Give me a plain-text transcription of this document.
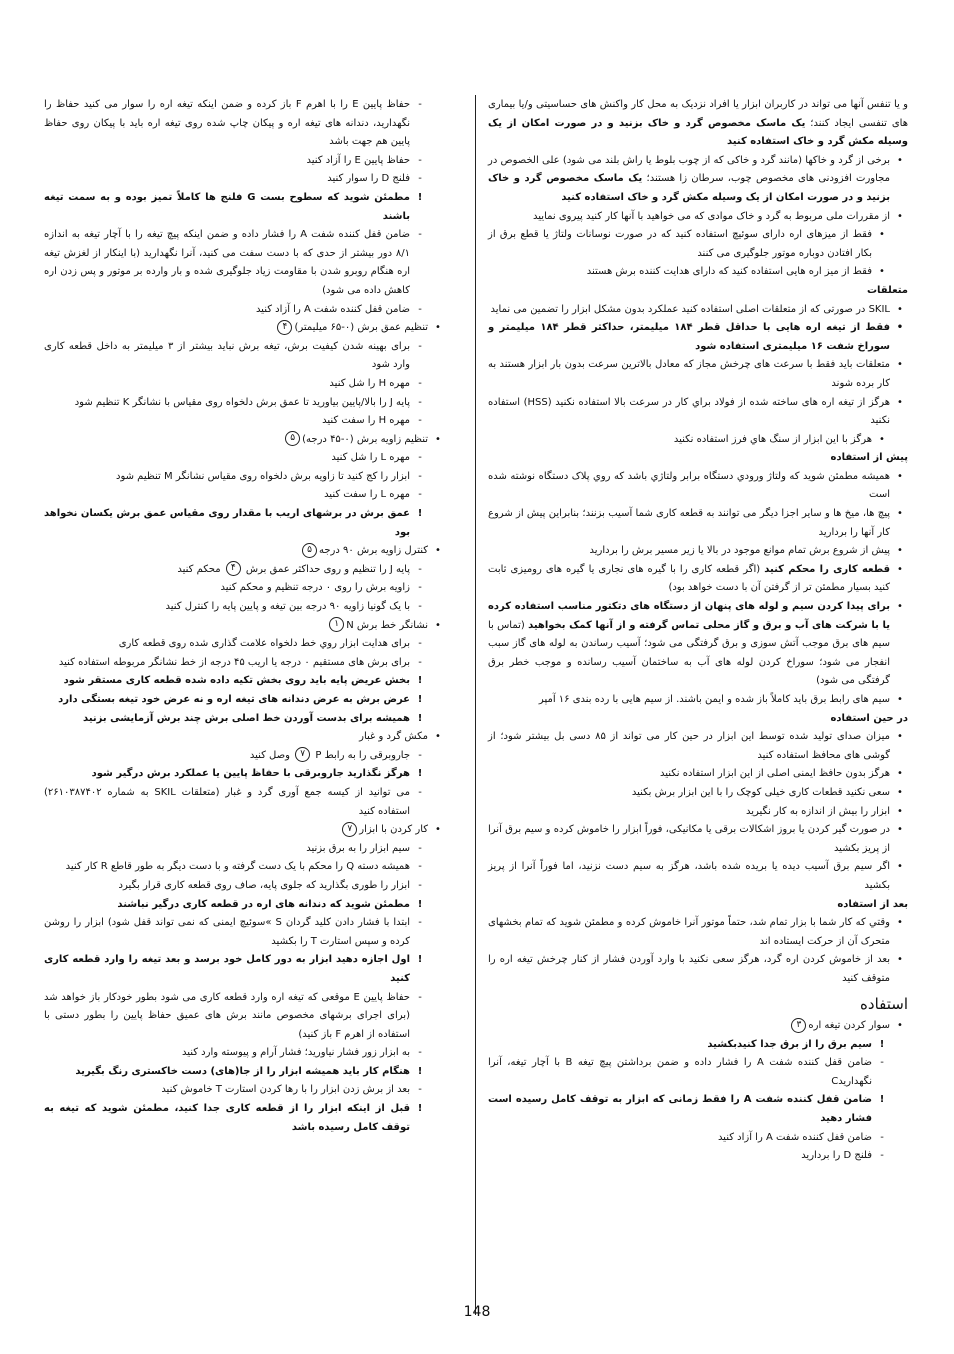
و یا تنفس آنها می تواند در کاربران ابزار یا افراد نزدیک به محل کار واکنش های حساسیتی و/یا بیماری های تنفسی ایجاد کنند؛ یک ماسک مخصوص گرد و خاک بزنید و در صورت امکان از یک وسیله مکش گرد و خاک استفاده کنید

•
برخی از گرد و خاکها (مانند گرد و خاکی که از چوب بلوط یا راش بلند می شود) علی الخصوص در مجاورت افزودنی های مخصوص چوب، سرطان زا هستند؛ یک ماسک مخصوص گرد و خاک بزنید و در صورت امکان از یک وسیله مکش گرد و خاک استفاده کنید

•
از مقررات ملی مربوط به گرد و خاک موادی که می خواهید با آنها کار کنید پیروی نمایید

•
فقط از میزهای اره دارای سوئیچ استفاده کنید که در صورت نوسانات ولتاژ یا قطع برق از بکار افتادن دوباره موتور جلوگیری می کنند

•
فقط از میز اره هایی استفاده کنید که دارای هدایت کننده برش هستند

متعلقات

•
SKIL در صورتی که از متعلقات اصلی استفاده کنید عملکرد بدون مشکل ابزار را تضمین می نماید

•
فقط از تیغه اره هایی با حداقل قطر ۱۸۴ میلیمتر، حداکثر قطر ۱۸۴ میلیمتر و سوراخ شفت ۱۶ میلیمتری استفاده شود

•
متعلقات باید فقط با سرعت های چرخش مجاز که معادل بالاترین سرعت بدون بار ابزار هستند به کار برده شوند

•
هرگز از تیغه اره های ساخته شده از فولاد براي کار در سرعت بالا استفاده نکنید (HSS) استفاده نکنید

•
هرگز با این ابزار از سنگ هاي فرز استفاده نکنید

پیش از استفاده

•
همیشه مطمئن شوید که ولتاژ ورودي دستگاه برابر ولتاژي باشد که روي پلاک دستگاه نوشته شده است

•
پیچ ها، میخ ها و سایر اجزا دیگر می توانند به قطعه کاری شما آسیب بزنند؛ بنابراین پیش از شروع کار آنها را بردارید

•
پیش از شروع برش تمام موانع موجود در بالا یا زیر مسیر برش را بردارید

•
قطعه کاری را محکم کنید (اگر قطعه کاری را با گیره های نجاری یا گیره های رومیزی ثابت کنید بسیار مطمئن تر از گرفتن آن با دست خواهد بود)

•
برای پیدا کردن سیم و لوله های پنهان از دستگاه های دتکتور مناسب استفاده کرده یا با شرکت های آب و برق و گاز محلی تماس گرفته و از آنها کمک بخواهید (تماس با سیم های برق موجب آتش سوزی و برق گرفتگی می شود؛ آسیب رساندن به لوله های گاز سبب انفجار می شود؛ سوراخ کردن لوله های آب به ساختمان آسیب رسانده و موجب خطر برق گرفتگی می شود)

•
سیم های رابط برق باید کاملاً باز شده و ایمن باشند. از سیم هایی با رده بندی ۱۶ آمپر

در حین استفاده

•
میزان صدای تولید شده توسط این ابزار در حین کار می تواند از ۸۵ دسی بل بیشتر شود؛ از گوشی های محافظ استفاده کنید

•
هرگز بدون حافظ ایمنی اصلی از این ابزار استفاده نکنید

•
سعی نکنید قطعات کاری خیلی کوچک را با این ابزار برش بکنید

•
ابزار را بیش از اندازه به کار نگیرید

•
در صورت گیر کردن یا بروز اشکالات برقی یا مکانیکی، فوراً ابزار را خاموش کرده و سیم برق آنرا از پریز بکشید

•
اگر سیم برق آسیب دیده یا بریده شده باشد، هرگز به سیم دست نزنید، اما فوراً آنرا از پریز بکشید

بعد از استفاده

•
وقتي که کار شما با بزار تمام شد، حتماً موتور آنرا خاموش کرده و مطمئن شوید که تمام بخشهای متحرک آن از حرکت ایستاده اند

•
بعد از خاموش کردن اره گرد، هرگز سعی نکنید با وارد آوردن فشار از کنار چرخش تیغه اره را متوقف کنید

استفاده

•
سوار کردن تیغه اره۳

!
سیم برق را از برق جدا کنیدبکشید

-
ضامن قفل کننده شفت A را فشار داده و ضمن برداشتن پیچ تیغه B با آچار تیغه، آنرا نگهداریدC

!
ضامن قفل کننده شفت A را فقط زمانی که ابزار به توقف کامل رسیده است فشار دهید

-
ضامن قفل کننده شفت A را آزاد کنید

-
فلنج D را بردارید

-
حفاظ پایین E را با اهرم F باز کرده و ضمن اینکه تیغه اره را سوار می کنید حفاظ را نگهدارید، دندانه های تیغه اره و پیکان چاپ شده روی تیغه اره باید با پیکان روی حفاظ پایین هم جهت باشد

-
حفاظ پایین E را آزاد کنید

-
فلنج D را سوار کنید

!
مطمئن شوید که سطوح بست G فلنج ها کاملاً تمیز بوده و به سمت تیغه باشند

-
ضامن قفل کننده شفت A را فشار داده و ضمن اینکه پیچ تیغه را با آچار تیغه به اندازه ۸/۱ دور بیشتر از حدی که با دست سفت می کنید، آنرا نگهدارید (با اینکار از لغزش تیغه اره هنگام روبرو شدن با مقاومت زیاد جلوگیری شده و بار وارده بر موتور و پس زدن اره کاهش داده می شود)

-
ضامن قفل کننده شفت A را آزاد کنید

•
تنظیم عمق برش (۰-۶۵ میلیمتر)۴

-
برای بهینه شدن کیفیت برش، تیغه برش نباید بیشتر از ۳ میلیمتر به داخل قطعه کاری وارد شود

-
مهره H را شل کنید

-
پایه J را بالا/پایین بیاورید تا عمق برش دلخواه روی مقیاس با نشانگر K تنظیم شود

-
مهره H را سفت کنید

•
تنظیم زاویه برش (۰-۴۵ درجه)۵

-
مهره L را شل کنید

-
ابزار را کج کنید تا زاویه برش دلخواه روی مقیاس نشانگر M تنظیم شود

-
مهره L را سفت کنید

!
عمق برش در برشهای اریب با مقدار روی مقیاس عمق برش یکسان نخواهد بود

•
کنترل زاویه برش ۹۰ درجه۵

-
پایه J را تنظیم و روی حداکثر عمق برش ۴ محکم کنید

-
زاویه برش را روی ۰ درجه تنظیم و محکم کنید

-
با یک گونیا زاویه ۹۰ درجه بین تیغه و پایین پایه را کنترل کنید

•
نشانگر خط برش N۱

-
برای هدایت ابزار روي خط دلخواه علامت گذاری شده روی قطعه کاری

-
برای برش های مستقیم ۰ درجه یا اریب ۴۵ درجه از خط نشانگر مربوطه استفاده کنید

!
بخش عریض پایه باید روی بخش تکیه داده شده قطعه کاری مستقر شود

!
عرض برش به عرض دندانه های تیغه اره و نه عرض خود تیغه بستگی دارد

!
همیشه برای بدست آوردن خط اصلی برش چند برش آزمایشی بزنید

•
مکش گرد و غبار

-
جاروبرقی را به رابط P ۷ وصل کنید

!
هرگز نگذارید جاروبرقی با حفاظ پایین یا عملکرد برش درگیر شود

-
می توانید از کیسه جمع آوری گرد و غبار (متعلقات SKIL به شماره ۲۶۱۰۳۸۷۴۰۲) استفاده کنید

•
کار کردن با ابزار۷

-
سیم ابزار را به برق بزنید

-
همیشه دسته Q را محکم با یک دست گرفته و با دست دیگر به طور قاطع R کار کنید

-
ابزار را طوری بگذارید که جلوی پایه، صاف روی قطعه کاری قرار بگیرد

!
مطمئن شوید که دندانه های اره در قطعه کاری درگیر نباشند

-
ابتدا با فشار دادن کلید گردان S »سوئیچ ایمنی که نمی تواند قفل شود) ابزار را روشن کرده و سپس استارت T را بکشید

!
اول اجازه دهید ابزار به دور کامل خود برسد و بعد تیغه را وارد قطعه کاری کنید

-
حفاظ پایین E موقعی که تیغه اره وارد قطعه کاری می شود بطور خودکار باز خواهد شد (برای اجرای برشهای مخصوص مانند برش های عمیق حفاظ پایین را بطور دستی با استفاده از اهرم F باز کنید)

-
به ابزار زور فشار نیاورید؛ فشار آرام و پیوسته وارد کنید

!
هنگام کار باید همیشه ابزار را از جا(های) دست خاکستری رنگ بگیرید

-
بعد از برش زدن ابزار را با رها کردن استارت T خاموش کنید

!
قبل از اینکه ابزار را از قطعه کاری جدا کنید، مطمئن شوید که تیغه به توقف کامل رسیده باشد

148
